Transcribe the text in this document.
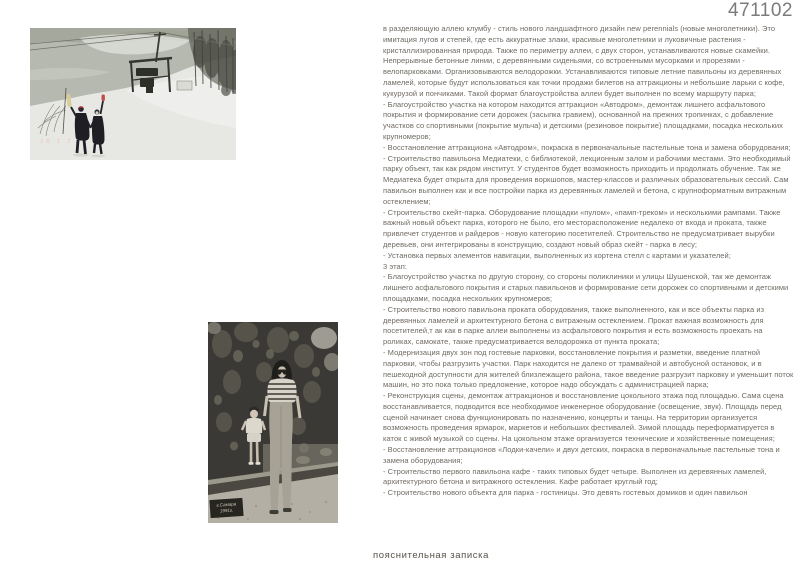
471102
16 1 1
г.Самара
1991г.

в разделяющую аллею клумбу - стиль нового ландшафтного дизайн new perennials (новые многолетники). Это имитация лугов и степей, где есть аккуратные злаки, красивые многолетники и луковичные растения - кристаллизированная природа. Также по периметру аллеи, с двух сторон, устанавливаются новые скамейки. Непрерывные бетонные линии, с деревянными сиденьями, со встроенными мусорками и прорезями - велопарковками. Организовываются велодорожки. Устанавливаются типовые летние павильоны из деревянных ламелей, которые будут использоваться как точки продажи билетов на аттракционы и небольшие ларьки с кофе, кукурузой и пончиками. Такой формат благоустройства аллеи будет выполнен по всему маршруту парка;

- Благоустройство участка на котором находится аттракцион «Автодром», демонтаж лишнего асфальтового покрытия и формирование сети дорожек (засыпка гравием), основанной на прежних тропинках, с добавление участков со спортивными (покрытие мульча) и детскими (резиновое покрытие) площадками, посадка нескольких крупномеров;

- Восстановление аттракциона «Автодром», покраска в первоначальные пастельные тона и замена оборудования;

- Строительство павильона Медиатеки, с библиотекой, лекционным залом и рабочими местами. Это необходимый парку объект, так как рядом институт. У студентов будет возможность приходить и продолжать обучение. Так же Медиатека будет открыта для проведения воркшопов, мастер-классов и различных образовательных сессий. Сам павильон выполнен как и все постройки парка из деревянных ламелей и бетона, с крупноформатным витражным остеклением;

- Строительство скейт-парка. Оборудование площадки «пулом», «памп-треком» и несколькими рампами. Также важный новый объект парка, которого не было, его месторасположение недалеко от входа и проката, также привлечет студентов и райдеров - новую категорию посетителей. Строительство не предусматривает вырубки деревьев, они интегрированы в конструкцию, создают новый образ скейт - парка в лесу;

- Установка первых элементов навигации, выполненных из кортена стелл с картами и указателей;

3 этап:

- Благоустройство участка по другую сторону, со стороны поликлиники и улицы Шушенской, так же демонтаж лишнего асфальтового покрытия и старых павильонов и формирование сети дорожек со спортивными и детскими площадками, посадка нескольких крупномеров;

- Строительство нового павильона проката оборудования, также выполненного, как и все объекты парка из деревянных ламелей и архитектурного бетона с витражным остеклением. Прокат важная возможность для посетителей,т ак как в парке аллеи выполнены из асфальтового покрытия и есть возможность проехать на роликах, самокате, также предусматривается велодорожка от пункта проката;

- Модернизация двух зон под гостевые парковки, восстановление покрытия и разметки, введение платной парковки, чтобы разгрузить участки. Парк находится не далеко от трамвайной и автобусной остановок, и в пешеходной доступности для жителей близлежащего района, такое введение разгрузит парковку и уменьшит поток машин, но это пока только предложение, которое надо обсуждать с администрацией парка;

- Реконструкция сцены, демонтаж аттракционов и восстановление цокольного этажа под площадью. Сама сцена восстанавливается, подводится все необходимое инженерное оборудование (освещение, звук). Площадь перед сценой начинает снова функционировать по назначению, концерты и танцы. На территории организуется возможность проведения ярмарок, маркетов и небольших фестивалей. Зимой площадь переформатируется в каток с живой музыкой со сцены. На цокольном этаже организуется технические и хозяйственные помещения;

- Восстановление аттракционов «Лодки-качели» и двух детских, покраска в первоначальные пастельные тона и замена оборудования;

- Строительство первого павильона кафе - таких типовых будет четыре. Выполнен из деревянных ламелей, архитектурного бетона и витражного остекления. Кафе работает круглый год;

- Строительство нового объекта для парка - гостиницы. Это девять гостевых домиков и один павильон

пояснительная записка
